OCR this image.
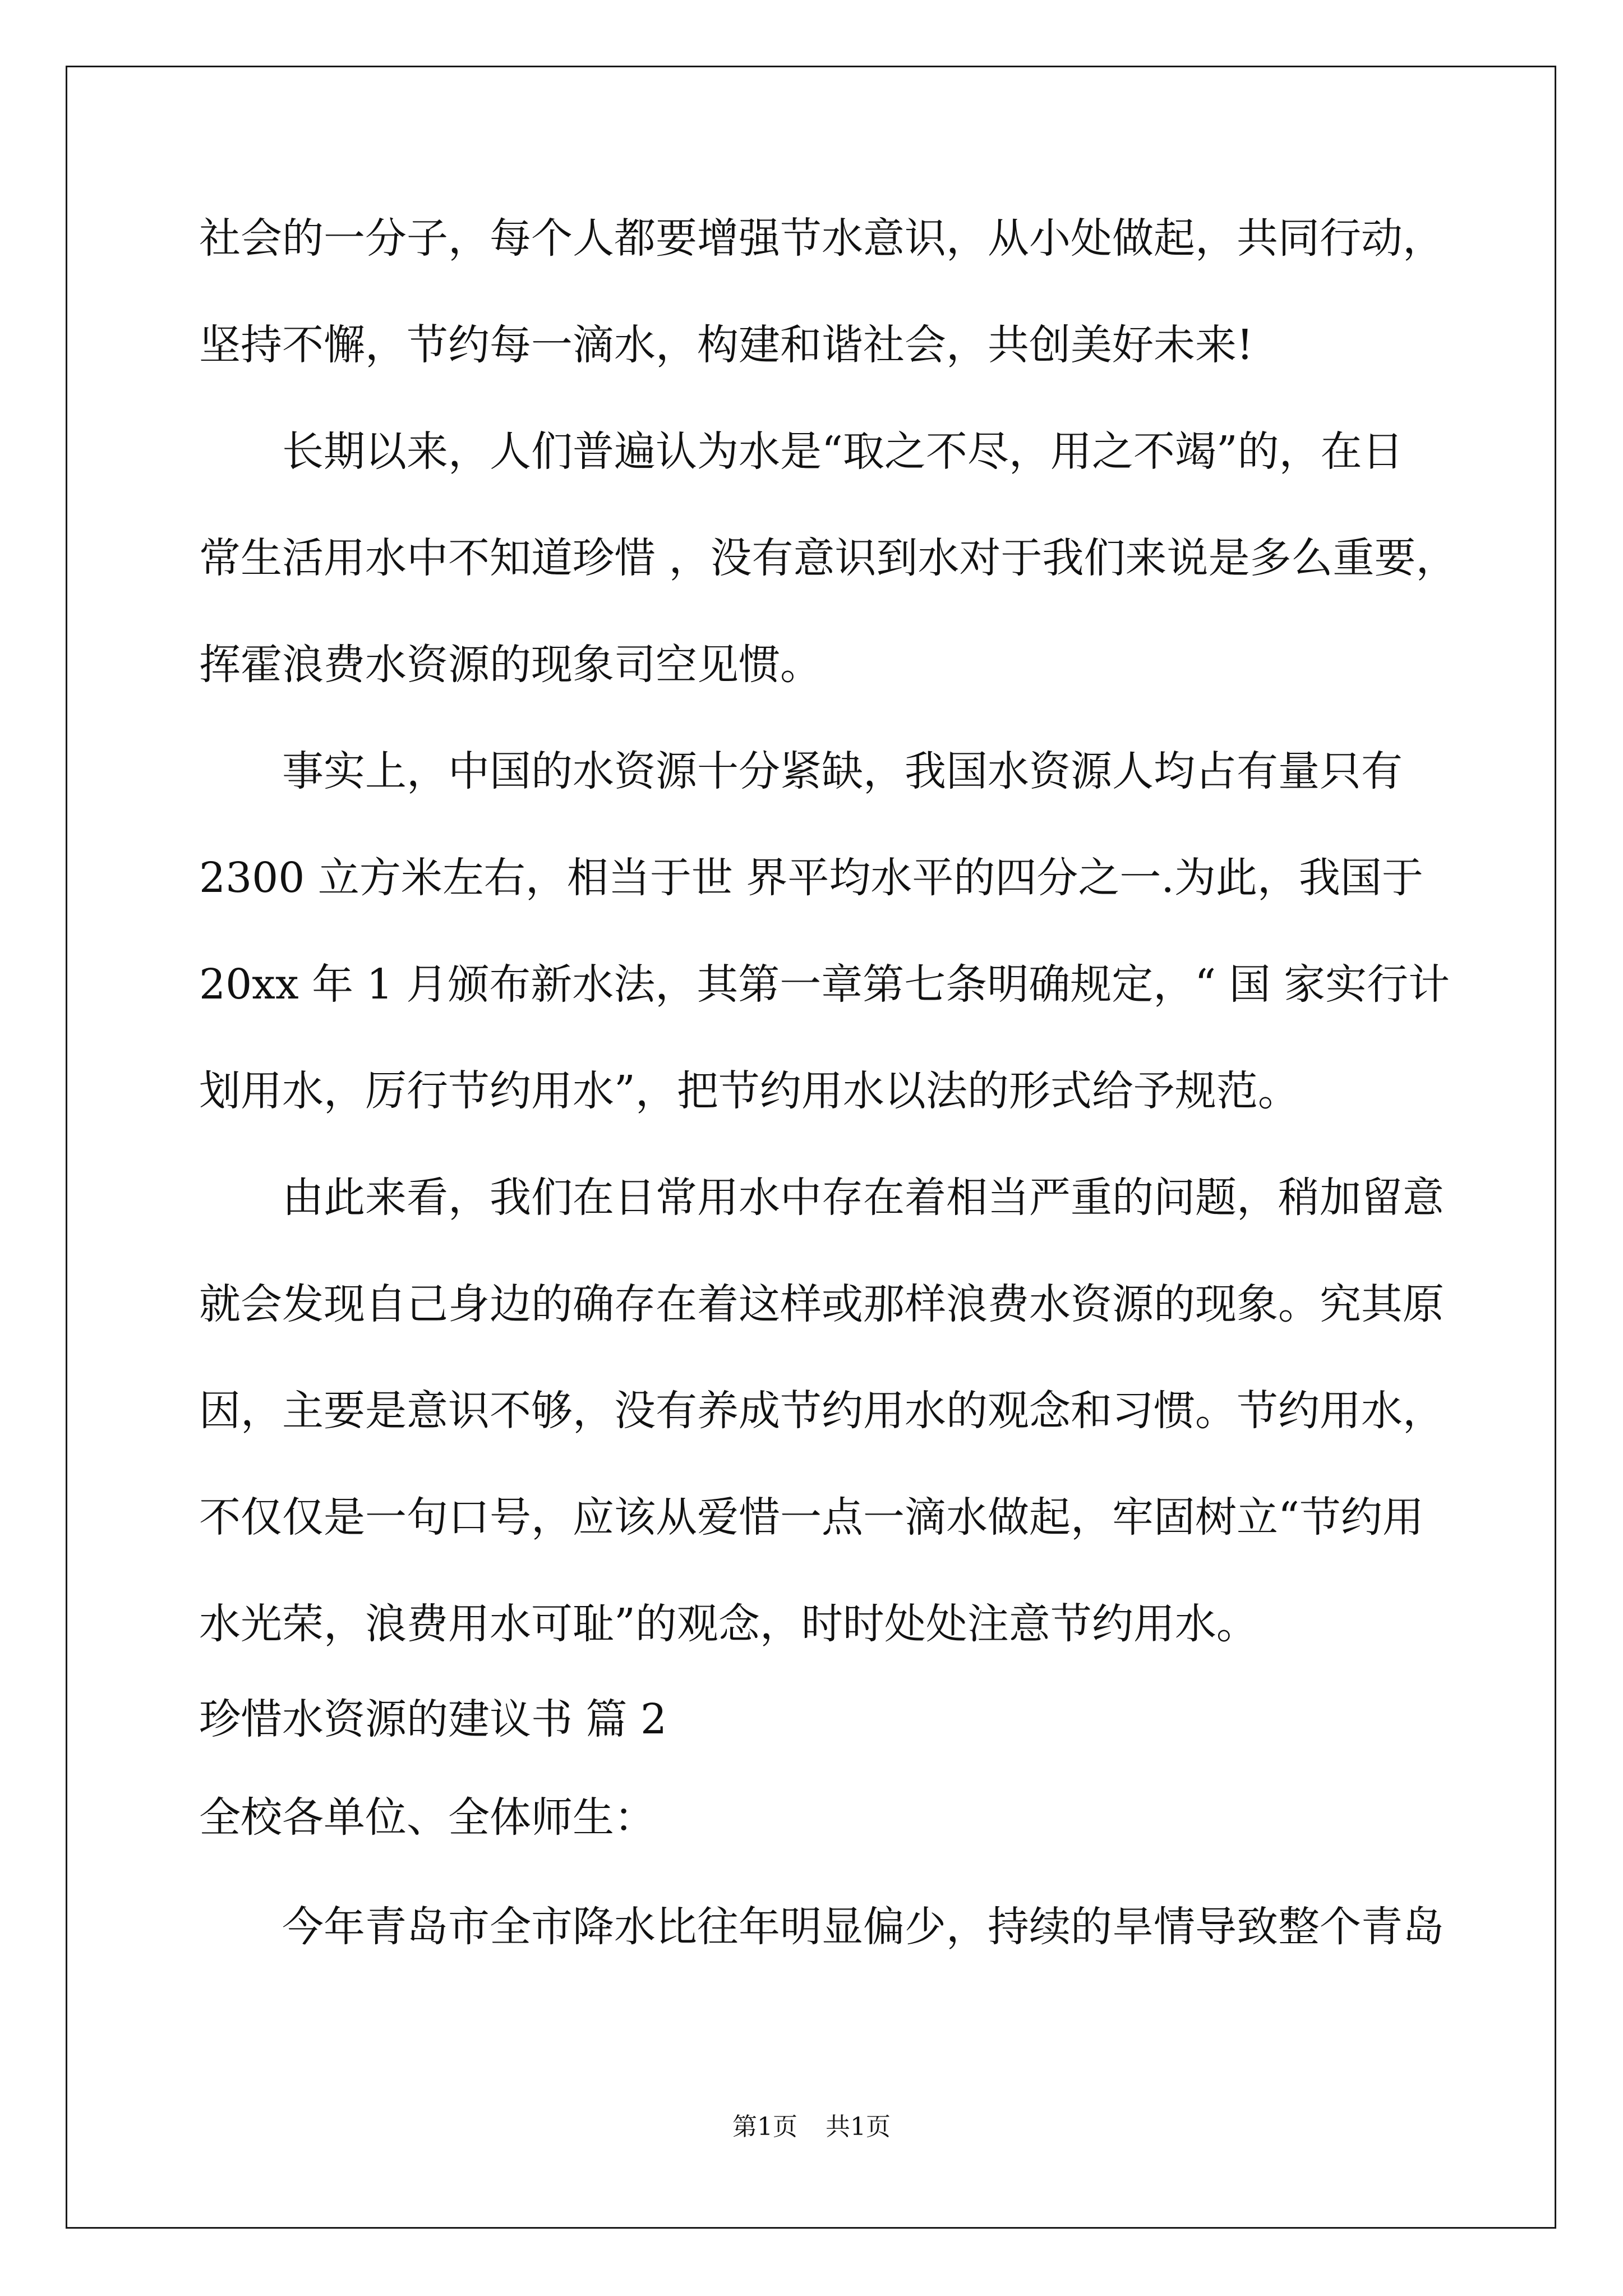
社会的一分子，每个人都要增强节水意识，从小处做起，共同行动，
坚持不懈，节约每一滴水，构建和谐社会，共创美好未来!
长期以来，人们普遍认为水是“取之不尽，用之不竭”的，在日
常生活用水中不知道珍惜 ，没有意识到水对于我们来说是多么重要，
挥霍浪费水资源的现象司空见惯。
事实上，中国的水资源十分紧缺，我国水资源人均占有量只有
2300 立方米左右，相当于世 界平均水平的四分之一.为此，我国于
20xx 年 1 月颁布新水法，其第一章第七条明确规定，“ 国 家实行计
划用水，厉行节约用水”，把节约用水以法的形式给予规范。
由此来看，我们在日常用水中存在着相当严重的问题，稍加留意
就会发现自己身边的确存在着这样或那样浪费水资源的现象。究其原
因，主要是意识不够，没有养成节约用水的观念和习惯。节约用水，
不仅仅是一句口号，应该从爱惜一点一滴水做起，牢固树立“节约用
水光荣，浪费用水可耻”的观念，时时处处注意节约用水。
珍惜水资源的建议书 篇 2
全校各单位、全体师生：
今年青岛市全市降水比往年明显偏少，持续的旱情导致整个青岛
第1页 共1页
